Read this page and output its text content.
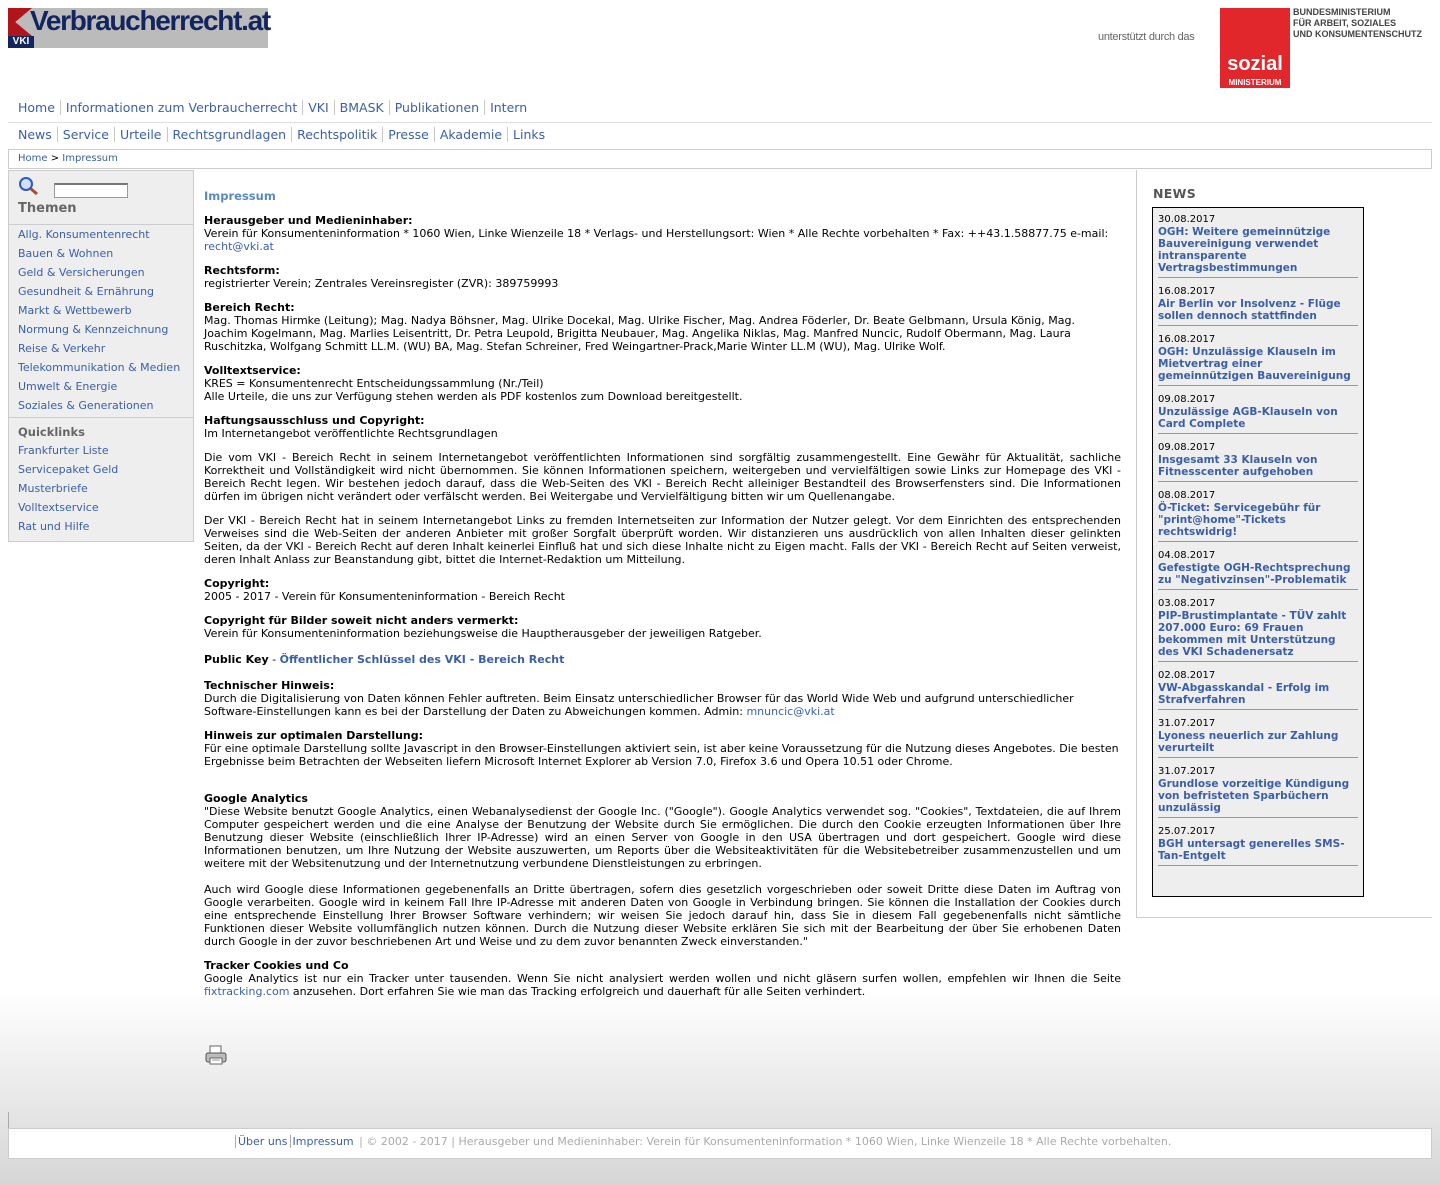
VKI
Verbraucherrecht.at
unterstützt durch das
sozial
MINISTERIUM
BUNDESMINISTERIUM
FÜR ARBEIT, SOZIALES
UND KONSUMENTENSCHUTZ
Home Informationen zum Verbraucherrecht VKI BMASK Publikationen Intern
News Service Urteile Rechtsgrundlagen Rechtspolitik Presse Akademie Links
Home > Impressum
Themen
Allg. Konsumentenrecht
Bauen & Wohnen
Geld & Versicherungen
Gesundheit & Ernährung
Markt & Wettbewerb
Normung & Kennzeichnung
Reise & Verkehr
Telekommunikation & Medien
Umwelt & Energie
Soziales & Generationen
Quicklinks
Frankfurter Liste
Servicepaket Geld
Musterbriefe
Volltextservice
Rat und Hilfe
Impressum
Herausgeber und Medieninhaber:
Verein für Konsumenteninformation * 1060 Wien, Linke Wienzeile 18 * Verlags- und Herstellungsort: Wien * Alle Rechte vorbehalten * Fax: ++43.1.58877.75 e-mail: recht@vki.at
Rechtsform:
registrierter Verein; Zentrales Vereinsregister (ZVR): 389759993
Bereich Recht:
Mag. Thomas Hirmke (Leitung); Mag. Nadya Böhsner, Mag. Ulrike Docekal, Mag. Ulrike Fischer, Mag. Andrea Föderler, Dr. Beate Gelbmann, Ursula König, Mag. Joachim Kogelmann, Mag. Marlies Leisentritt, Dr. Petra Leupold, Brigitta Neubauer, Mag. Angelika Niklas, Mag. Manfred Nuncic, Rudolf Obermann, Mag. Laura Ruschitzka, Wolfgang Schmitt LL.M. (WU) BA, Mag. Stefan Schreiner, Fred Weingartner-Prack,Marie Winter LL.M (WU), Mag. Ulrike Wolf.
Volltextservice:
KRES = Konsumentenrecht Entscheidungssammlung (Nr./Teil)
Alle Urteile, die uns zur Verfügung stehen werden als PDF kostenlos zum Download bereitgestellt.
Haftungsausschluss und Copyright:
Im Internetangebot veröffentlichte Rechtsgrundlagen
Die vom VKI - Bereich Recht in seinem Internetangebot veröffentlichten Informationen sind sorgfältig zusammengestellt. Eine Gewähr für Aktualität, sachliche Korrektheit und Vollständigkeit wird nicht übernommen. Sie können Informationen speichern, weitergeben und vervielfältigen sowie Links zur Homepage des VKI - Bereich Recht legen. Wir bestehen jedoch darauf, dass die Web-Seiten des VKI - Bereich Recht alleiniger Bestandteil des Browserfensters sind. Die Informationen dürfen im übrigen nicht verändert oder verfälscht werden. Bei Weitergabe und Vervielfältigung bitten wir um Quellenangabe.
Der VKI - Bereich Recht hat in seinem Internetangebot Links zu fremden Internetseiten zur Information der Nutzer gelegt. Vor dem Einrichten des entsprechenden Verweises sind die Web-Seiten der anderen Anbieter mit großer Sorgfalt überprüft worden. Wir distanzieren uns ausdrücklich von allen Inhalten dieser gelinkten Seiten, da der VKI - Bereich Recht auf deren Inhalt keinerlei Einfluß hat und sich diese Inhalte nicht zu Eigen macht. Falls der VKI - Bereich Recht auf Seiten verweist, deren Inhalt Anlass zur Beanstandung gibt, bittet die Internet-Redaktion um Mitteilung.
Copyright:
2005 - 2017 - Verein für Konsumenteninformation - Bereich Recht
Copyright für Bilder soweit nicht anders vermerkt:
Verein für Konsumenteninformation beziehungsweise die Hauptherausgeber der jeweiligen Ratgeber.
Public Key - Öffentlicher Schlüssel des VKI - Bereich Recht
Technischer Hinweis:
Durch die Digitalisierung von Daten können Fehler auftreten. Beim Einsatz unterschiedlicher Browser für das World Wide Web und aufgrund unterschiedlicher Software-Einstellungen kann es bei der Darstellung der Daten zu Abweichungen kommen. Admin: mnuncic@vki.at
Hinweis zur optimalen Darstellung:
Für eine optimale Darstellung sollte Javascript in den Browser-Einstellungen aktiviert sein, ist aber keine Voraussetzung für die Nutzung dieses Angebotes. Die besten Ergebnisse beim Betrachten der Webseiten liefern Microsoft Internet Explorer ab Version 7.0, Firefox 3.6 und Opera 10.51 oder Chrome.
Google Analytics
"Diese Website benutzt Google Analytics, einen Webanalysedienst der Google Inc. ("Google"). Google Analytics verwendet sog. "Cookies", Textdateien, die auf Ihrem Computer gespeichert werden und die eine Analyse der Benutzung der Website durch Sie ermöglichen. Die durch den Cookie erzeugten Informationen über Ihre Benutzung dieser Website (einschließlich Ihrer IP-Adresse) wird an einen Server von Google in den USA übertragen und dort gespeichert. Google wird diese Informationen benutzen, um Ihre Nutzung der Website auszuwerten, um Reports über die Websiteaktivitäten für die Websitebetreiber zusammenzustellen und um weitere mit der Websitenutzung und der Internetnutzung verbundene Dienstleistungen zu erbringen.
Auch wird Google diese Informationen gegebenenfalls an Dritte übertragen, sofern dies gesetzlich vorgeschrieben oder soweit Dritte diese Daten im Auftrag von Google verarbeiten. Google wird in keinem Fall Ihre IP-Adresse mit anderen Daten von Google in Verbindung bringen. Sie können die Installation der Cookies durch eine entsprechende Einstellung Ihrer Browser Software verhindern; wir weisen Sie jedoch darauf hin, dass Sie in diesem Fall gegebenenfalls nicht sämtliche Funktionen dieser Website vollumfänglich nutzen können. Durch die Nutzung dieser Website erklären Sie sich mit der Bearbeitung der über Sie erhobenen Daten durch Google in der zuvor beschriebenen Art und Weise und zu dem zuvor benannten Zweck einverstanden."
Tracker Cookies und Co
Google Analytics ist nur ein Tracker unter tausenden. Wenn Sie nicht analysiert werden wollen und nicht gläsern surfen wollen, empfehlen wir Ihnen die Seite fixtracking.com anzusehen. Dort erfahren Sie wie man das Tracking erfolgreich und dauerhaft für alle Seiten verhindert.
NEWS
30.08.2017
OGH: Weitere gemeinnützige Bauvereinigung verwendet intransparente Vertragsbestimmungen
16.08.2017
Air Berlin vor Insolvenz - Flüge sollen dennoch stattfinden
16.08.2017
OGH: Unzulässige Klauseln im Mietvertrag einer gemeinnützigen Bauvereinigung
09.08.2017
Unzulässige AGB-Klauseln von Card Complete
09.08.2017
Insgesamt 33 Klauseln von Fitnesscenter aufgehoben
08.08.2017
Ö-Ticket: Servicegebühr für "print@home"-Tickets rechtswidrig!
04.08.2017
Gefestigte OGH-Rechtsprechung zu "Negativzinsen"-Problematik
03.08.2017
PIP-Brustimplantate - TÜV zahlt 207.000 Euro: 69 Frauen bekommen mit Unterstützung des VKI Schadenersatz
02.08.2017
VW-Abgasskandal - Erfolg im Strafverfahren
31.07.2017
Lyoness neuerlich zur Zahlung verurteilt
31.07.2017
Grundlose vorzeitige Kündigung von befristeten Sparbüchern unzulässig
25.07.2017
BGH untersagt generelles SMS-Tan-Entgelt
Über uns Impressum | © 2002 - 2017 | Herausgeber und Medieninhaber: Verein für Konsumenteninformation * 1060 Wien, Linke Wienzeile 18 * Alle Rechte vorbehalten.
